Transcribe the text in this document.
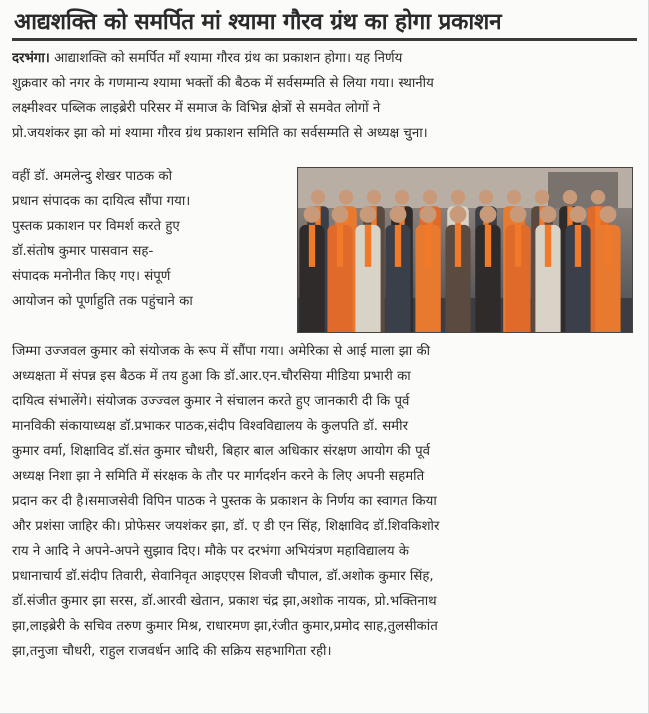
आद्यशक्ति को समर्पित मां श्यामा गौरव ग्रंथ का होगा प्रकाशन
दरभंगा। आद्याशक्ति को समर्पित माँ श्यामा गौरव ग्रंथ का प्रकाशन होगा। यह निर्णय
शुक्रवार को नगर के गणमान्य श्यामा भक्तों की बैठक में सर्वसम्मति से लिया गया। स्थानीय
लक्ष्मीश्वर पब्लिक लाइब्रेरी परिसर में समाज के विभिन्न क्षेत्रों से समवेत लोगों ने
प्रो.जयशंकर झा को मां श्यामा गौरव ग्रंथ प्रकाशन समिति का सर्वसम्मति से अध्यक्ष चुना।
वहीं डॉ. अमलेन्दु शेखर पाठक को
प्रधान संपादक का दायित्व सौंपा गया।
पुस्तक प्रकाशन पर विमर्श करते हुए
डॉ.संतोष कुमार पासवान सह-
संपादक मनोनीत किए गए। संपूर्ण
आयोजन को पूर्णाहुति तक पहुंचाने का
जिम्मा उज्जवल कुमार को संयोजक के रूप में सौंपा गया। अमेरिका से आई माला झा की
अध्यक्षता में संपन्न इस बैठक में तय हुआ कि डॉ.आर.एन.चौरसिया मीडिया प्रभारी का
दायित्व संभालेंगे। संयोजक उज्ज्वल कुमार ने संचालन करते हुए जानकारी दी कि पूर्व
मानविकी संकायाध्यक्ष डॉ.प्रभाकर पाठक,संदीप विश्वविद्यालय के कुलपति डॉ. समीर
कुमार वर्मा, शिक्षाविद डॉ.संत कुमार चौधरी, बिहार बाल अधिकार संरक्षण आयोग की पूर्व
अध्यक्ष निशा झा ने समिति में संरक्षक के तौर पर मार्गदर्शन करने के लिए अपनी सहमति
प्रदान कर दी है।समाजसेवी विपिन पाठक ने पुस्तक के प्रकाशन के निर्णय का स्वागत किया
और प्रशंसा जाहिर की। प्रोफेसर जयशंकर झा, डॉ. ए डी एन सिंह, शिक्षाविद डॉ.शिवकिशोर
राय ने आदि ने अपने-अपने सुझाव दिए। मौके पर दरभंगा अभियंत्रण महाविद्यालय के
प्रधानाचार्य डॉ.संदीप तिवारी, सेवानिवृत आइएएस शिवजी चौपाल, डॉ.अशोक कुमार सिंह,
डॉ.संजीत कुमार झा सरस, डॉ.आरवी खेतान, प्रकाश चंद्र झा,अशोक नायक, प्रो.भक्तिनाथ
झा,लाइब्रेरी के सचिव तरुण कुमार मिश्र, राधारमण झा,रंजीत कुमार,प्रमोद साह,तुलसीकांत
झा,तनुजा चौधरी, राहुल राजवर्धन आदि की सक्रिय सहभागिता रही।
